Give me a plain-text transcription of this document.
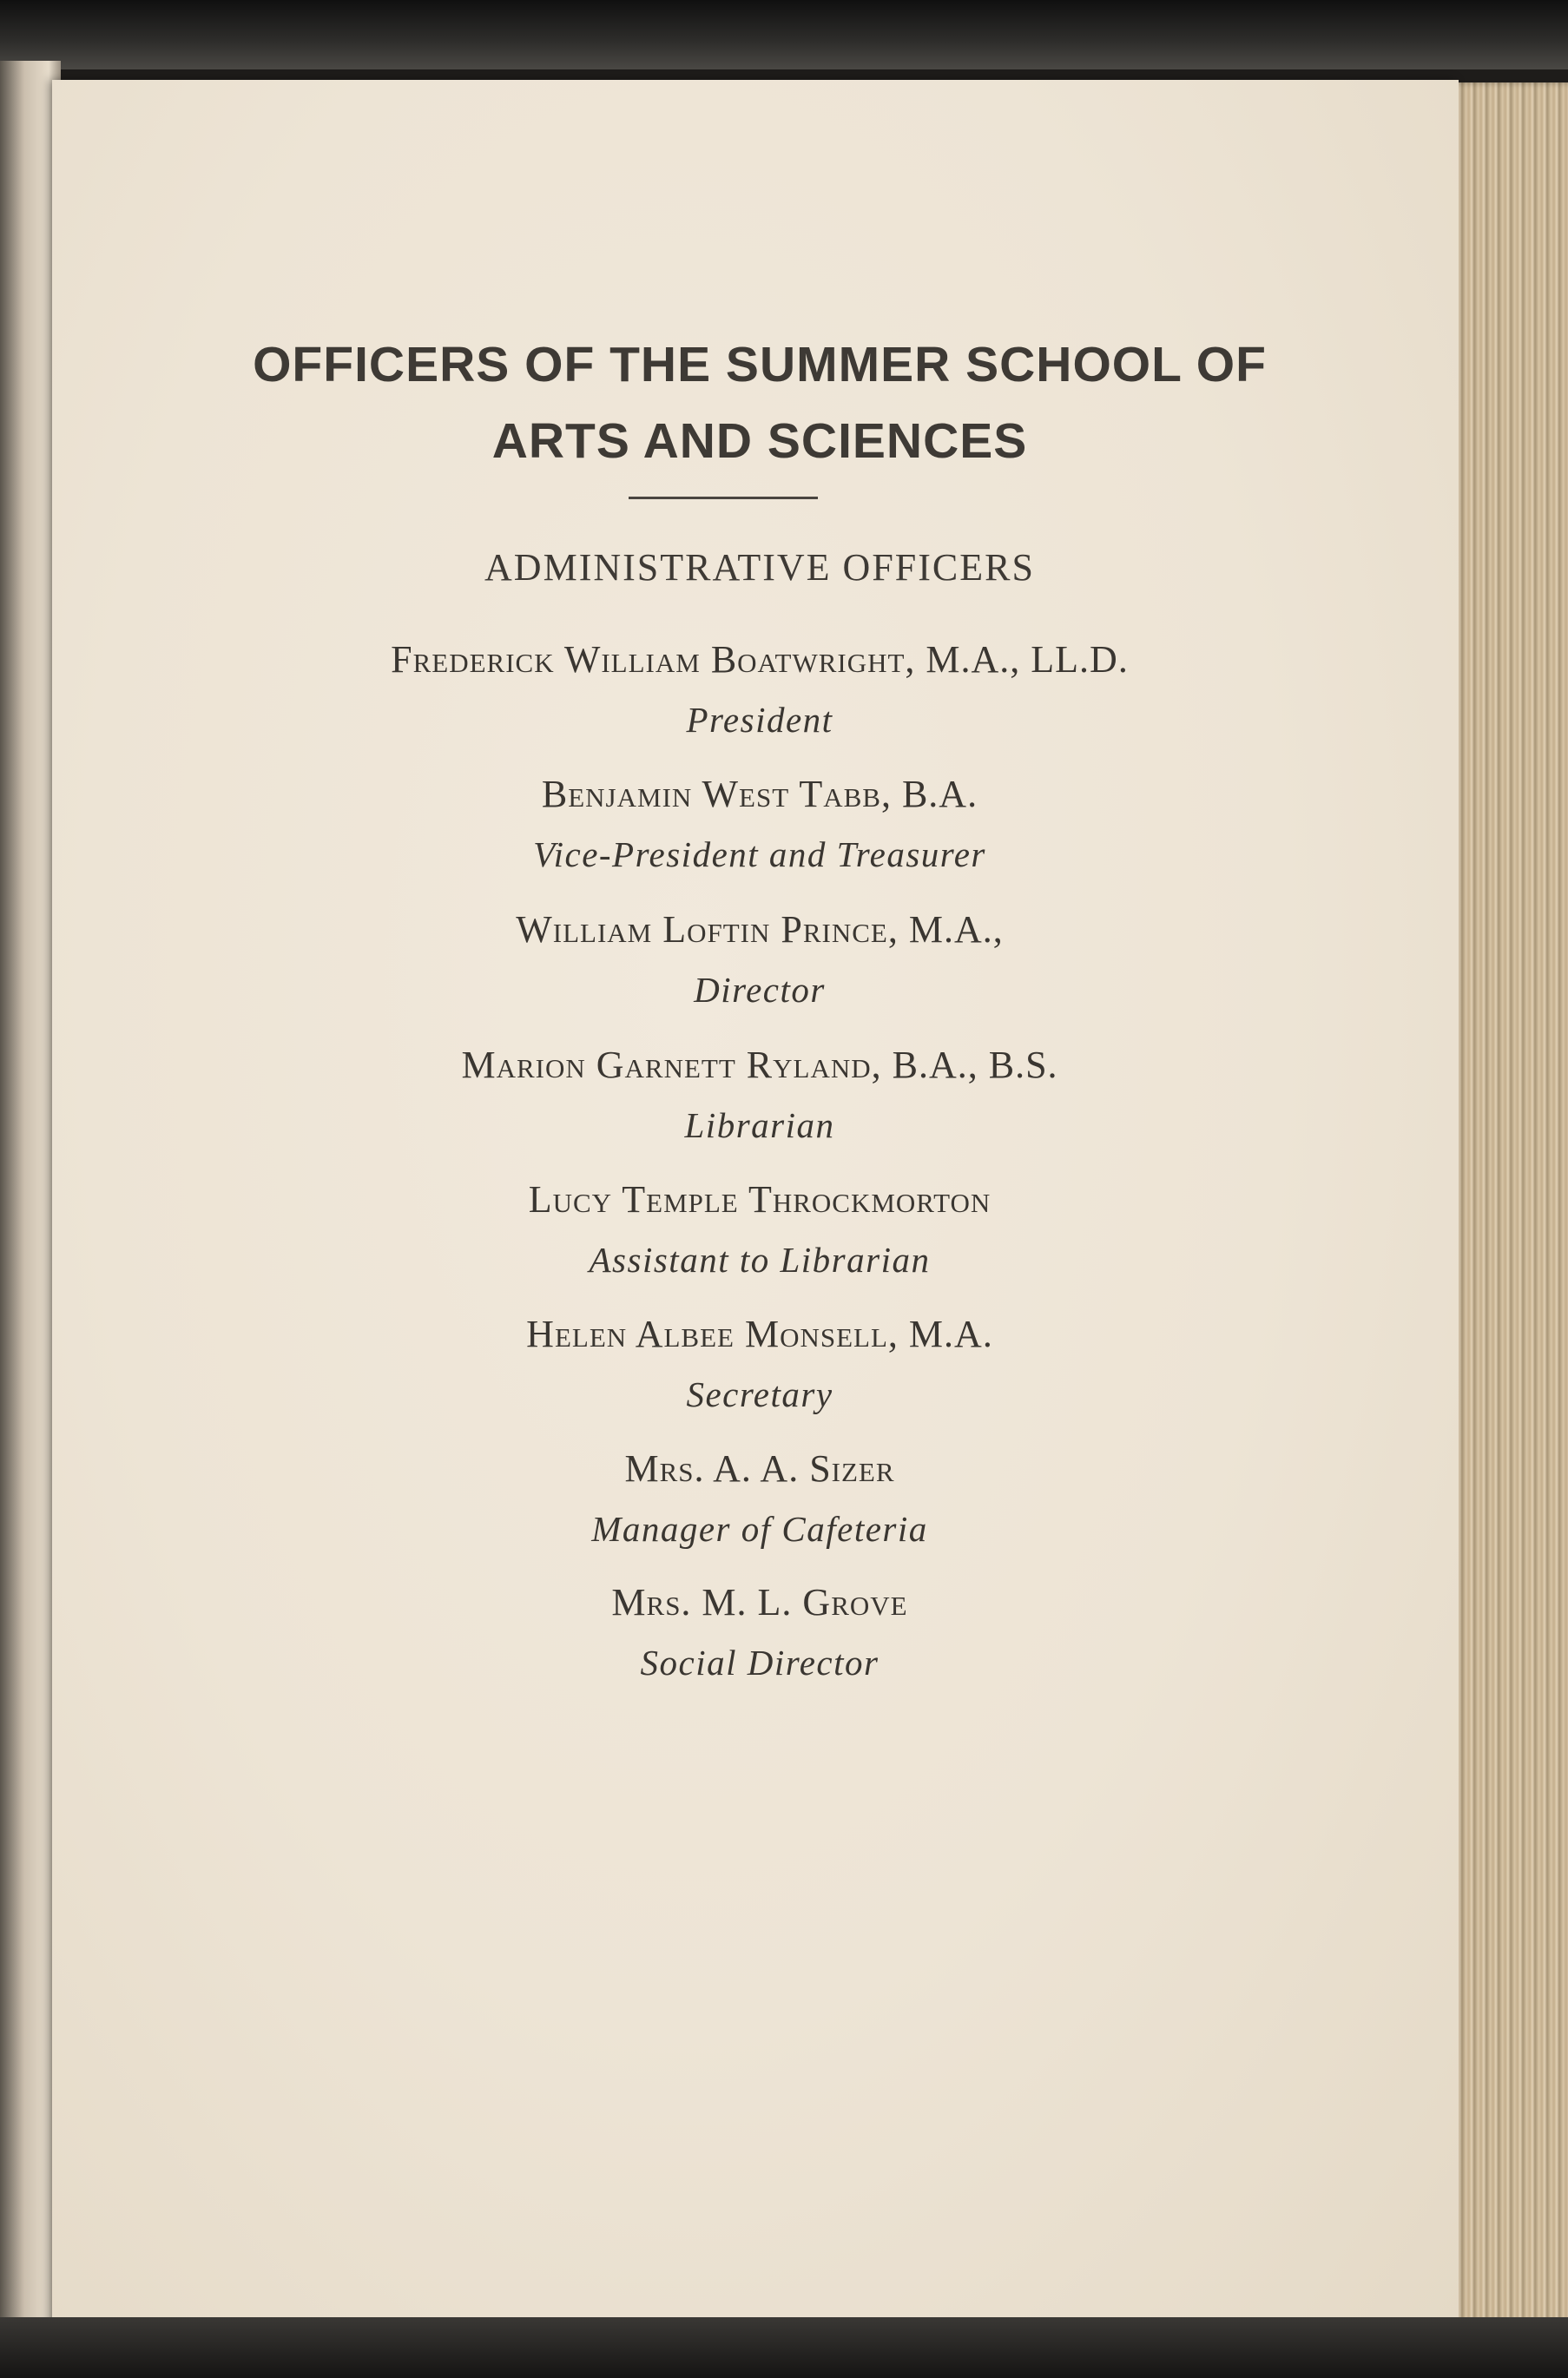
OFFICERS OF THE SUMMER SCHOOL OF
ARTS AND SCIENCES
ADMINISTRATIVE OFFICERS
Frederick William Boatwright, M.A., LL.D.
President
Benjamin West Tabb, B.A.
Vice-President and Treasurer
William Loftin Prince, M.A.,
Director
Marion Garnett Ryland, B.A., B.S.
Librarian
Lucy Temple Throckmorton
Assistant to Librarian
Helen Albee Monsell, M.A.
Secretary
Mrs. A. A. Sizer
Manager of Cafeteria
Mrs. M. L. Grove
Social Director
